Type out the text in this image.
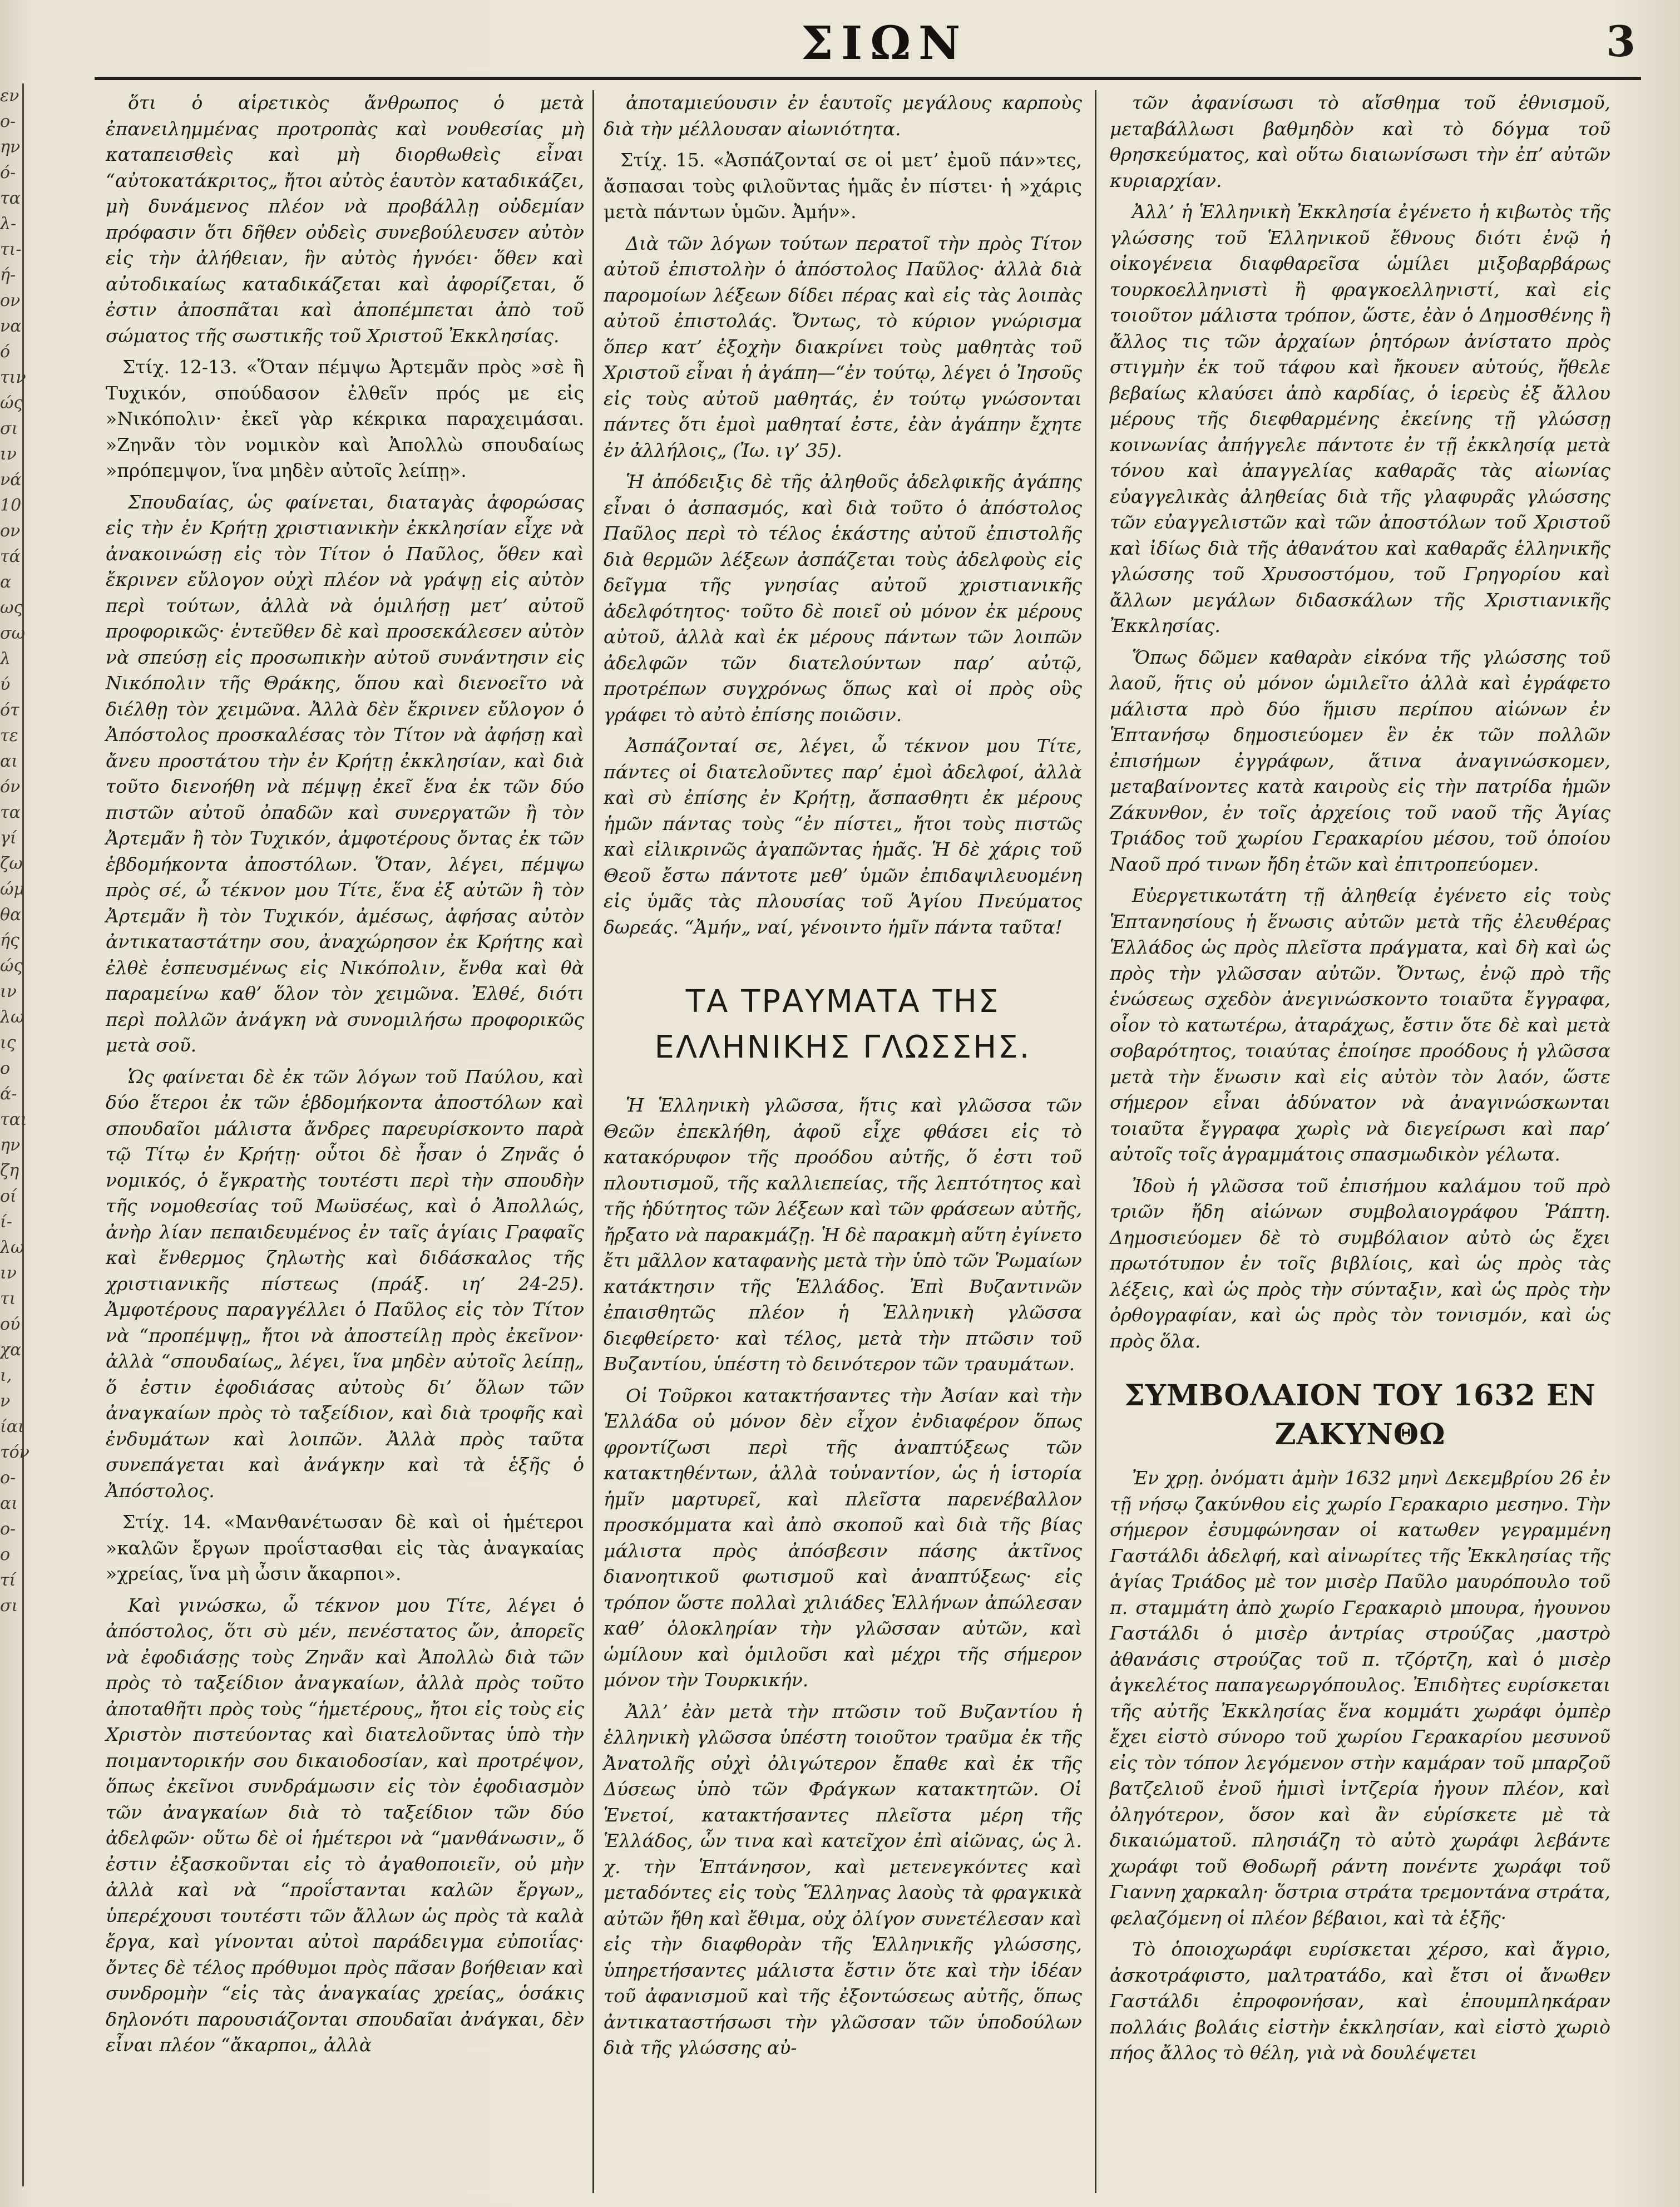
εν
ο-
ην
ό-
τα
λ-
τι-
ή-
ον
να
ό
τιν
ώς
σι
ιν
νά
10
ον
τά
α
ως
σω
λ
ύ
ότ
τε
αι
όν
τα
γί
ζω
ώμ
θα
ής
ώς
ιν
λω
ις
ο
ά-
ται
ην
ζη
οί
ί-
λω
ιν
τι
ού
χα
ι,
ν
ίαι
τόν
ο-
αι
ο-
ο
τί
σι
ΣΙΩΝ	3

ὅτι ὁ αἱρετικὸς ἄνθρωπος ὁ μετὰ ἐπανειλημμένας προτροπὰς καὶ νουθεσίας μὴ καταπεισθεὶς καὶ μὴ διορθωθεὶς εἶναι “αὐτοκατάκριτος„ ἤτοι αὐτὸς ἑαυτὸν καταδικάζει, μὴ δυνάμενος πλέον νὰ προβάλλῃ οὐδεμίαν πρόφασιν ὅτι δῆθεν οὐδεὶς συνεβούλευσεν αὐτὸν εἰς τὴν ἀλήθειαν, ἣν αὐτὸς ἠγνόει· ὅθεν καὶ αὐτοδικαίως καταδικάζεται καὶ ἀφορίζεται, ὅ ἐστιν ἀποσπᾶται καὶ ἀποπέμπεται ἀπὸ τοῦ σώματος τῆς σωστικῆς τοῦ Χριστοῦ Ἐκκλησίας.

Στίχ. 12-13. «Ὅταν πέμψω Ἀρτεμᾶν πρὸς »σὲ ἢ Τυχικόν, σπούδασον ἐλθεῖν πρός με εἰς »Νικόπολιν· ἐκεῖ γὰρ κέκρικα παραχειμάσαι. »Ζηνᾶν τὸν νομικὸν καὶ Ἀπολλὼ σπουδαίως »πρόπεμψον, ἵνα μηδὲν αὐτοῖς λείπῃ».

Σπουδαίας, ὡς φαίνεται, διαταγὰς ἀφορώσας εἰς τὴν ἐν Κρήτῃ χριστιανικὴν ἐκκλησίαν εἶχε νὰ ἀνακοινώσῃ εἰς τὸν Τίτον ὁ Παῦλος, ὅθεν καὶ ἔκρινεν εὔλογον οὐχὶ πλέον νὰ γράψῃ εἰς αὐτὸν περὶ τούτων, ἀλλὰ νὰ ὁμιλήσῃ μετ’ αὐτοῦ προφορικῶς· ἐντεῦθεν δὲ καὶ προσεκάλεσεν αὐτὸν νὰ σπεύσῃ εἰς προσωπικὴν αὐτοῦ συνάντησιν εἰς Νικόπολιν τῆς Θράκης, ὅπου καὶ διενοεῖτο νὰ διέλθῃ τὸν χειμῶνα. Ἀλλὰ δὲν ἔκρινεν εὔλογον ὁ Ἀπόστολος προσκαλέσας τὸν Τίτον νὰ ἀφήσῃ καὶ ἄνευ προστάτου τὴν ἐν Κρήτῃ ἐκκλησίαν, καὶ διὰ τοῦτο διενοήθη νὰ πέμψῃ ἐκεῖ ἕνα ἐκ τῶν δύο πιστῶν αὐτοῦ ὀπαδῶν καὶ συνεργατῶν ἢ τὸν Ἀρτεμᾶν ἢ τὸν Τυχικόν, ἀμφοτέρους ὄντας ἐκ τῶν ἑβδομήκοντα ἀποστόλων. Ὅταν, λέγει, πέμψω πρὸς σέ, ὦ τέκνον μου Τίτε, ἕνα ἐξ αὐτῶν ἢ τὸν Ἀρτεμᾶν ἢ τὸν Τυχικόν, ἀμέσως, ἀφήσας αὐτὸν ἀντικαταστάτην σου, ἀναχώρησον ἐκ Κρήτης καὶ ἐλθὲ ἐσπευσμένως εἰς Νικόπολιν, ἔνθα καὶ θὰ παραμείνω καθ’ ὅλον τὸν χειμῶνα. Ἐλθέ, διότι περὶ πολλῶν ἀνάγκη νὰ συνομιλήσω προφορικῶς μετὰ σοῦ.

Ὡς φαίνεται δὲ ἐκ τῶν λόγων τοῦ Παύλου, καὶ δύο ἕτεροι ἐκ τῶν ἑβδομήκοντα ἀποστόλων καὶ σπουδαῖοι μάλιστα ἄνδρες παρευρίσκοντο παρὰ τῷ Τίτῳ ἐν Κρήτῃ· οὗτοι δὲ ἦσαν ὁ Ζηνᾶς ὁ νομικός, ὁ ἔγκρατὴς τουτέστι περὶ τὴν σπουδὴν τῆς νομοθεσίας τοῦ Μωϋσέως, καὶ ὁ Ἀπολλώς, ἀνὴρ λίαν πεπαιδευμένος ἐν ταῖς ἁγίαις Γραφαῖς καὶ ἔνθερμος ζηλωτὴς καὶ διδάσκαλος τῆς χριστιανικῆς πίστεως (πράξ. ιη’ 24-25). Ἀμφοτέρους παραγγέλλει ὁ Παῦλος εἰς τὸν Τίτον νὰ “προπέμψῃ„ ἤτοι νὰ ἀποστείλῃ πρὸς ἐκεῖνον· ἀλλὰ “σπουδαίως„ λέγει, ἵνα μηδὲν αὐτοῖς λείπῃ„ ὅ ἐστιν ἐφοδιάσας αὐτοὺς δι’ ὅλων τῶν ἀναγκαίων πρὸς τὸ ταξείδιον, καὶ διὰ τροφῆς καὶ ἐνδυμάτων καὶ λοιπῶν. Ἀλλὰ πρὸς ταῦτα συνεπάγεται καὶ ἀνάγκην καὶ τὰ ἑξῆς ὁ Ἀπόστολος.

Στίχ. 14. «Μανθανέτωσαν δὲ καὶ οἱ ἡμέτεροι »καλῶν ἔργων προΐστασθαι εἰς τὰς ἀναγκαίας »χρείας, ἵνα μὴ ὦσιν ἄκαρποι».

Καὶ γινώσκω, ὦ τέκνον μου Τίτε, λέγει ὁ ἀπόστολος, ὅτι σὺ μέν, πενέστατος ὤν, ἀπορεῖς νὰ ἐφοδιάσῃς τοὺς Ζηνᾶν καὶ Ἀπολλὼ διὰ τῶν πρὸς τὸ ταξείδιον ἀναγκαίων, ἀλλὰ πρὸς τοῦτο ἀποταθῆτι πρὸς τοὺς “ἡμετέρους„ ἤτοι εἰς τοὺς εἰς Χριστὸν πιστεύοντας καὶ διατελοῦντας ὑπὸ τὴν ποιμαντορικήν σου δικαιοδοσίαν, καὶ προτρέψον, ὅπως ἐκεῖνοι συνδράμωσιν εἰς τὸν ἐφοδιασμὸν τῶν ἀναγκαίων διὰ τὸ ταξείδιον τῶν δύο ἀδελφῶν· οὕτω δὲ οἱ ἡμέτεροι νὰ “μανθάνωσιν„ ὅ ἐστιν ἐξασκοῦνται εἰς τὸ ἀγαθοποιεῖν, οὐ μὴν ἀλλὰ καὶ νὰ “προΐστανται καλῶν ἔργων„ ὑπερέχουσι τουτέστι τῶν ἄλλων ὡς πρὸς τὰ καλὰ ἔργα, καὶ γίνονται αὐτοὶ παράδειγμα εὐποιΐας· ὄντες δὲ τέλος πρόθυμοι πρὸς πᾶσαν βοήθειαν καὶ συνδρομὴν “εἰς τὰς ἀναγκαίας χρείας„ ὁσάκις δηλονότι παρουσιάζονται σπουδαῖαι ἀνάγκαι, δὲν εἶναι πλέον “ἄκαρποι„ ἀλλὰ

ἀποταμιεύουσιν ἐν ἑαυτοῖς μεγάλους καρποὺς διὰ τὴν μέλλουσαν αἰωνιότητα.

Στίχ. 15. «Ἀσπάζονταί σε οἱ μετ’ ἐμοῦ πάν»τες, ἄσπασαι τοὺς φιλοῦντας ἡμᾶς ἐν πίστει· ἡ »χάρις μετὰ πάντων ὑμῶν. Ἀμήν».

Διὰ τῶν λόγων τούτων περατοῖ τὴν πρὸς Τίτον αὐτοῦ ἐπιστολὴν ὁ ἀπόστολος Παῦλος· ἀλλὰ διὰ παρομοίων λέξεων δίδει πέρας καὶ εἰς τὰς λοιπὰς αὐτοῦ ἐπιστολάς. Ὄντως, τὸ κύριον γνώρισμα ὅπερ κατ’ ἐξοχὴν διακρίνει τοὺς μαθητὰς τοῦ Χριστοῦ εἶναι ἡ ἀγάπη—“ἐν τούτῳ, λέγει ὁ Ἰησοῦς εἰς τοὺς αὐτοῦ μαθητάς, ἐν τούτῳ γνώσονται πάντες ὅτι ἐμοὶ μαθηταί ἐστε, ἐὰν ἀγάπην ἔχητε ἐν ἀλλήλοις„ (Ἰω. ιγ’ 35).

Ἡ ἀπόδειξις δὲ τῆς ἀληθοῦς ἀδελφικῆς ἀγάπης εἶναι ὁ ἀσπασμός, καὶ διὰ τοῦτο ὁ ἀπόστολος Παῦλος περὶ τὸ τέλος ἑκάστης αὐτοῦ ἐπιστολῆς διὰ θερμῶν λέξεων ἀσπάζεται τοὺς ἀδελφοὺς εἰς δεῖγμα τῆς γνησίας αὐτοῦ χριστιανικῆς ἀδελφότητος· τοῦτο δὲ ποιεῖ οὐ μόνον ἐκ μέρους αὐτοῦ, ἀλλὰ καὶ ἐκ μέρους πάντων τῶν λοιπῶν ἀδελφῶν τῶν διατελούντων παρ’ αὐτῷ, προτρέπων συγχρόνως ὅπως καὶ οἱ πρὸς οὓς γράφει τὸ αὐτὸ ἐπίσης ποιῶσιν.

Ἀσπάζονταί σε, λέγει, ὦ τέκνον μου Τίτε, πάντες οἱ διατελοῦντες παρ’ ἐμοὶ ἀδελφοί, ἀλλὰ καὶ σὺ ἐπίσης ἐν Κρήτῃ, ἄσπασθητι ἐκ μέρους ἡμῶν πάντας τοὺς “ἐν πίστει„ ἤτοι τοὺς πιστῶς καὶ εἰλικρινῶς ἀγαπῶντας ἡμᾶς. Ἡ δὲ χάρις τοῦ Θεοῦ ἔστω πάντοτε μεθ’ ὑμῶν ἐπιδαψιλευομένη εἰς ὑμᾶς τὰς πλουσίας τοῦ Ἁγίου Πνεύματος δωρεάς. “Ἀμήν„ ναί, γένοιντο ἡμῖν πάντα ταῦτα!

ΤΑ ΤΡΑΥΜΑΤΑ ΤΗΣ ΕΛΛΗΝΙΚΗΣ ΓΛΩΣΣΗΣ.

Ἡ Ἑλληνικὴ γλῶσσα, ἥτις καὶ γλῶσσα τῶν Θεῶν ἐπεκλήθη, ἀφοῦ εἶχε φθάσει εἰς τὸ κατακόρυφον τῆς προόδου αὐτῆς, ὅ ἐστι τοῦ πλουτισμοῦ, τῆς καλλιεπείας, τῆς λεπτότητος καὶ τῆς ἡδύτητος τῶν λέξεων καὶ τῶν φράσεων αὐτῆς, ἤρξατο νὰ παρακμάζῃ. Ἡ δὲ παρακμὴ αὕτη ἐγίνετο ἔτι μᾶλλον καταφανὴς μετὰ τὴν ὑπὸ τῶν Ῥωμαίων κατάκτησιν τῆς Ἑλλάδος. Ἐπὶ Βυζαντινῶν ἐπαισθητῶς πλέον ἡ Ἑλληνικὴ γλῶσσα διεφθείρετο· καὶ τέλος, μετὰ τὴν πτῶσιν τοῦ Βυζαντίου, ὑπέστη τὸ δεινότερον τῶν τραυμάτων.

Οἱ Τοῦρκοι κατακτήσαντες τὴν Ἀσίαν καὶ τὴν Ἑλλάδα οὐ μόνον δὲν εἶχον ἐνδιαφέρον ὅπως φροντίζωσι περὶ τῆς ἀναπτύξεως τῶν κατακτηθέντων, ἀλλὰ τοὐναντίον, ὡς ἡ ἱστορία ἡμῖν μαρτυρεῖ, καὶ πλεῖστα παρενέβαλλον προσκόμματα καὶ ἀπὸ σκοποῦ καὶ διὰ τῆς βίας μάλιστα πρὸς ἀπόσβεσιν πάσης ἀκτῖνος διανοητικοῦ φωτισμοῦ καὶ ἀναπτύξεως· εἰς τρόπον ὥστε πολλαὶ χιλιάδες Ἑλλήνων ἀπώλεσαν καθ’ ὁλοκληρίαν τὴν γλῶσσαν αὐτῶν, καὶ ὡμίλουν καὶ ὁμιλοῦσι καὶ μέχρι τῆς σήμερον μόνον τὴν Τουρκικήν.

Ἀλλ’ ἐὰν μετὰ τὴν πτῶσιν τοῦ Βυζαντίου ἡ ἑλληνικὴ γλῶσσα ὑπέστη τοιοῦτον τραῦμα ἐκ τῆς Ἀνατολῆς οὐχὶ ὀλιγώτερον ἔπαθε καὶ ἐκ τῆς Δύσεως ὑπὸ τῶν Φράγκων κατακτητῶν. Οἱ Ἑνετοί, κατακτήσαντες πλεῖστα μέρη τῆς Ἑλλάδος, ὧν τινα καὶ κατεῖχον ἐπὶ αἰῶνας, ὡς λ. χ. τὴν Ἑπτάνησον, καὶ μετενεγκόντες καὶ μεταδόντες εἰς τοὺς Ἕλληνας λαοὺς τὰ φραγκικὰ αὐτῶν ἤθη καὶ ἔθιμα, οὐχ ὀλίγον συνετέλεσαν καὶ εἰς τὴν διαφθορὰν τῆς Ἑλληνικῆς γλώσσης, ὑπηρετήσαντες μάλιστα ἔστιν ὅτε καὶ τὴν ἰδέαν τοῦ ἀφανισμοῦ καὶ τῆς ἐξοντώσεως αὐτῆς, ὅπως ἀντικαταστήσωσι τὴν γλῶσσαν τῶν ὑποδούλων διὰ τῆς γλώσσης αὐ-

τῶν ἀφανίσωσι τὸ αἴσθημα τοῦ ἐθνισμοῦ, μεταβάλλωσι βαθμηδὸν καὶ τὸ δόγμα τοῦ θρησκεύματος, καὶ οὕτω διαιωνίσωσι τὴν ἐπ’ αὐτῶν κυριαρχίαν.

Ἀλλ’ ἡ Ἑλληνικὴ Ἐκκλησία ἐγένετο ἡ κιβωτὸς τῆς γλώσσης τοῦ Ἑλληνικοῦ ἔθνους διότι ἐνῷ ἡ οἰκογένεια διαφθαρεῖσα ὡμίλει μιξοβαρβάρως τουρκοελληνιστὶ ἢ φραγκοελληνιστί, καὶ εἰς τοιοῦτον μάλιστα τρόπον, ὥστε, ἐὰν ὁ Δημοσθένης ἢ ἄλλος τις τῶν ἀρχαίων ῥητόρων ἀνίστατο πρὸς στιγμὴν ἐκ τοῦ τάφου καὶ ἤκουεν αὐτούς, ἤθελε βεβαίως κλαύσει ἀπὸ καρδίας, ὁ ἱερεὺς ἐξ ἄλλου μέρους τῆς διεφθαρμένης ἐκείνης τῇ γλώσσῃ κοινωνίας ἀπήγγελε πάντοτε ἐν τῇ ἐκκλησίᾳ μετὰ τόνου καὶ ἀπαγγελίας καθαρᾶς τὰς αἰωνίας εὐαγγελικὰς ἀληθείας διὰ τῆς γλαφυρᾶς γλώσσης τῶν εὐαγγελιστῶν καὶ τῶν ἀποστόλων τοῦ Χριστοῦ καὶ ἰδίως διὰ τῆς ἀθανάτου καὶ καθαρᾶς ἑλληνικῆς γλώσσης τοῦ Χρυσοστόμου, τοῦ Γρηγορίου καὶ ἄλλων μεγάλων διδασκάλων τῆς Χριστιανικῆς Ἐκκλησίας.

Ὅπως δῶμεν καθαρὰν εἰκόνα τῆς γλώσσης τοῦ λαοῦ, ἥτις οὐ μόνον ὡμιλεῖτο ἀλλὰ καὶ ἐγράφετο μάλιστα πρὸ δύο ἥμισυ περίπου αἰώνων ἐν Ἑπτανήσῳ δημοσιεύομεν ἓν ἐκ τῶν πολλῶν ἐπισήμων ἐγγράφων, ἅτινα ἀναγινώσκομεν, μεταβαίνοντες κατὰ καιροὺς εἰς τὴν πατρίδα ἡμῶν Ζάκυνθον, ἐν τοῖς ἀρχείοις τοῦ ναοῦ τῆς Ἁγίας Τριάδος τοῦ χωρίου Γερακαρίου μέσου, τοῦ ὁποίου Ναοῦ πρό τινων ἤδη ἐτῶν καὶ ἐπιτροπεύομεν.

Εὐεργετικωτάτη τῇ ἀληθείᾳ ἐγένετο εἰς τοὺς Ἑπτανησίους ἡ ἕνωσις αὐτῶν μετὰ τῆς ἐλευθέρας Ἑλλάδος ὡς πρὸς πλεῖστα πράγματα, καὶ δὴ καὶ ὡς πρὸς τὴν γλῶσσαν αὐτῶν. Ὄντως, ἐνῷ πρὸ τῆς ἑνώσεως σχεδὸν ἀνεγινώσκοντο τοιαῦτα ἔγγραφα, οἷον τὸ κατωτέρω, ἀταράχως, ἔστιν ὅτε δὲ καὶ μετὰ σοβαρότητος, τοιαύτας ἐποίησε προόδους ἡ γλῶσσα μετὰ τὴν ἕνωσιν καὶ εἰς αὐτὸν τὸν λαόν, ὥστε σήμερον εἶναι ἀδύνατον νὰ ἀναγινώσκωνται τοιαῦτα ἔγγραφα χωρὶς νὰ διεγείρωσι καὶ παρ’ αὐτοῖς τοῖς ἀγραμμάτοις σπασμωδικὸν γέλωτα.

Ἰδοὺ ἡ γλῶσσα τοῦ ἐπισήμου καλάμου τοῦ πρὸ τριῶν ἤδη αἰώνων συμβολαιογράφου Ῥάπτη. Δημοσιεύομεν δὲ τὸ συμβόλαιον αὐτὸ ὡς ἔχει πρωτότυπον ἐν τοῖς βιβλίοις, καὶ ὡς πρὸς τὰς λέξεις, καὶ ὡς πρὸς τὴν σύνταξιν, καὶ ὡς πρὸς τὴν ὀρθογραφίαν, καὶ ὡς πρὸς τὸν τονισμόν, καὶ ὡς πρὸς ὅλα.

ΣΥΜΒΟΛΑΙΟΝ ΤΟΥ 1632 ΕΝ ΖΑΚΥΝΘΩ

Ἐν χρῃ. ὀνόματι ἀμὴν 1632 μηνὶ Δεκεμβρίου 26 ἐν τῇ νήσῳ ζακύνθου εἰς χωρίο Γερακαριο μεσηνο. Τὴν σήμερον ἐσυμφώνησαν οἱ κατωθεν γεγραμμένη Γαστάλδι ἀδελφή, καὶ αἰνωρίτες τῆς Ἐκκλησίας τῆς ἁγίας Τριάδος μὲ τον μισὲρ Παῦλο μαυρόπουλο τοῦ π. σταμμάτη ἀπὸ χωρίο Γερακαριὸ μπουρα, ἠγουνου Γαστάλδι ὁ μισὲρ ἀντρίας στρούζας ,μαστρὸ ἀθανάσις στρούζας τοῦ π. τζόρτζη, καὶ ὁ μισὲρ ἀγκελέτος παπαγεωργόπουλος. Ἐπιδὴτες ευρίσκεται τῆς αὐτῆς Ἐκκλησίας ἕνα κομμάτι χωράφι ὀμπὲρ ἔχει εἰστὸ σύνορο τοῦ χωρίου Γερακαρίου μεσυνοῦ εἰς τὸν τόπον λεγόμενον στὴν καμάραν τοῦ μπαρζοῦ βατζελιοῦ ἐνοῦ ἡμισὶ ἰντζερία ἠγουν πλέον, καὶ ὀληγότερον, ὅσον καὶ ἂν εὑρίσκετε μὲ τὰ δικαιώματοῦ. πλησιάζη τὸ αὐτὸ χωράφι λεβάντε χωράφι τοῦ Θοδωρῆ ράντη πονέντε χωράφι τοῦ Γιαννη χαρκαλη· ὅστρια στράτα τρεμοντάνα στράτα, φελαζόμενη οἱ πλέον βέβαιοι, καὶ τὰ ἑξῆς·

Τὸ ὁποιοχωράφι ευρίσκεται χέρσο, καὶ ἄγριο, ἀσκοτράφιστο, μαλτρατάδο, καὶ ἔτσι οἱ ἄνωθεν Γαστάλδι ἐπροφονήσαν, καὶ ἐπουμπληκάραν πολλάις βολάις εἰστὴν ἐκκλησίαν, καὶ εἰστὸ χωριὸ πήος ἄλλος τὸ θέλη, γιὰ νὰ δουλέψετει
